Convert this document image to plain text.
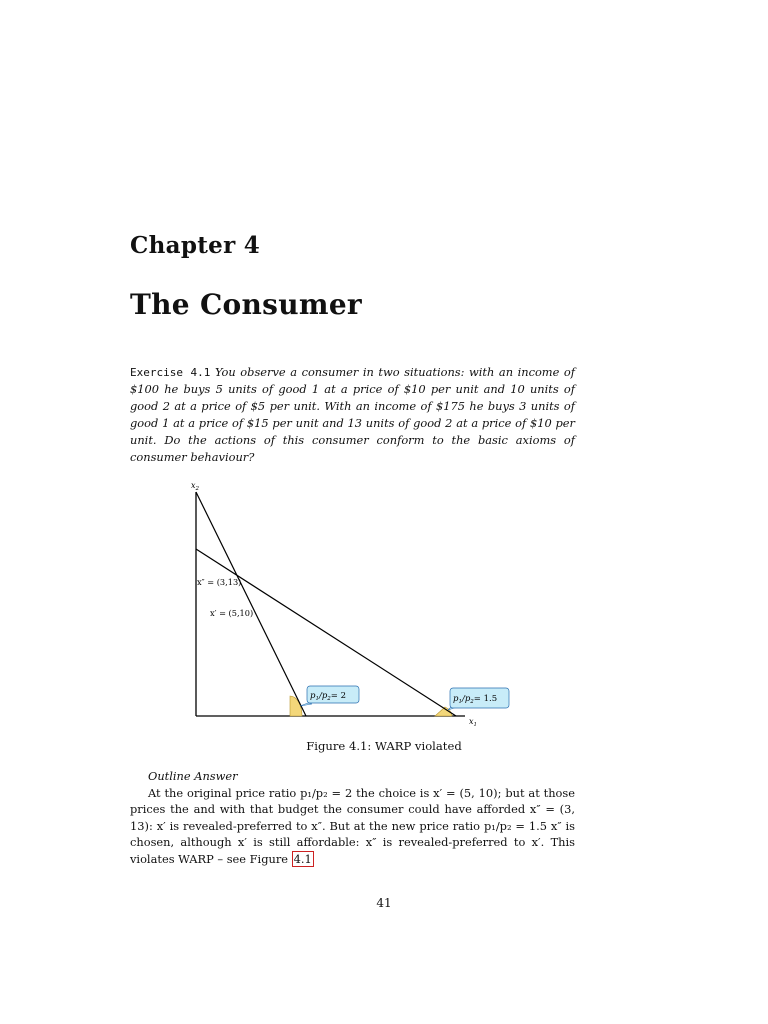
Chapter 4
The Consumer
Exercise 4.1 You observe a consumer in two situations: with an income of $100 he buys 5 units of good 1 at a price of $10 per unit and 10 units of good 2 at a price of $5 per unit. With an income of $175 he buys 3 units of good 1 at a price of $15 per unit and 13 units of good 2 at a price of $10 per unit. Do the actions of this consumer conform to the basic axioms of consumer behaviour?
$x_2$
$x_1$
x″ = (3,13)
x′ = (5,10)
$p_1/p_2= 2$	$p_1/p_2= 1.5$
Figure 4.1: WARP violated
Outline Answer
At the original price ratio p₁/p₂ = 2 the choice is x′ = (5, 10); but at those prices the and with that budget the consumer could have afforded x″ = (3, 13): x′ is revealed-preferred to x″. But at the new price ratio p₁/p₂ = 1.5 x″ is chosen, although x′ is still affordable: x″ is revealed-preferred to x′. This violates WARP – see Figure 4.1
41
